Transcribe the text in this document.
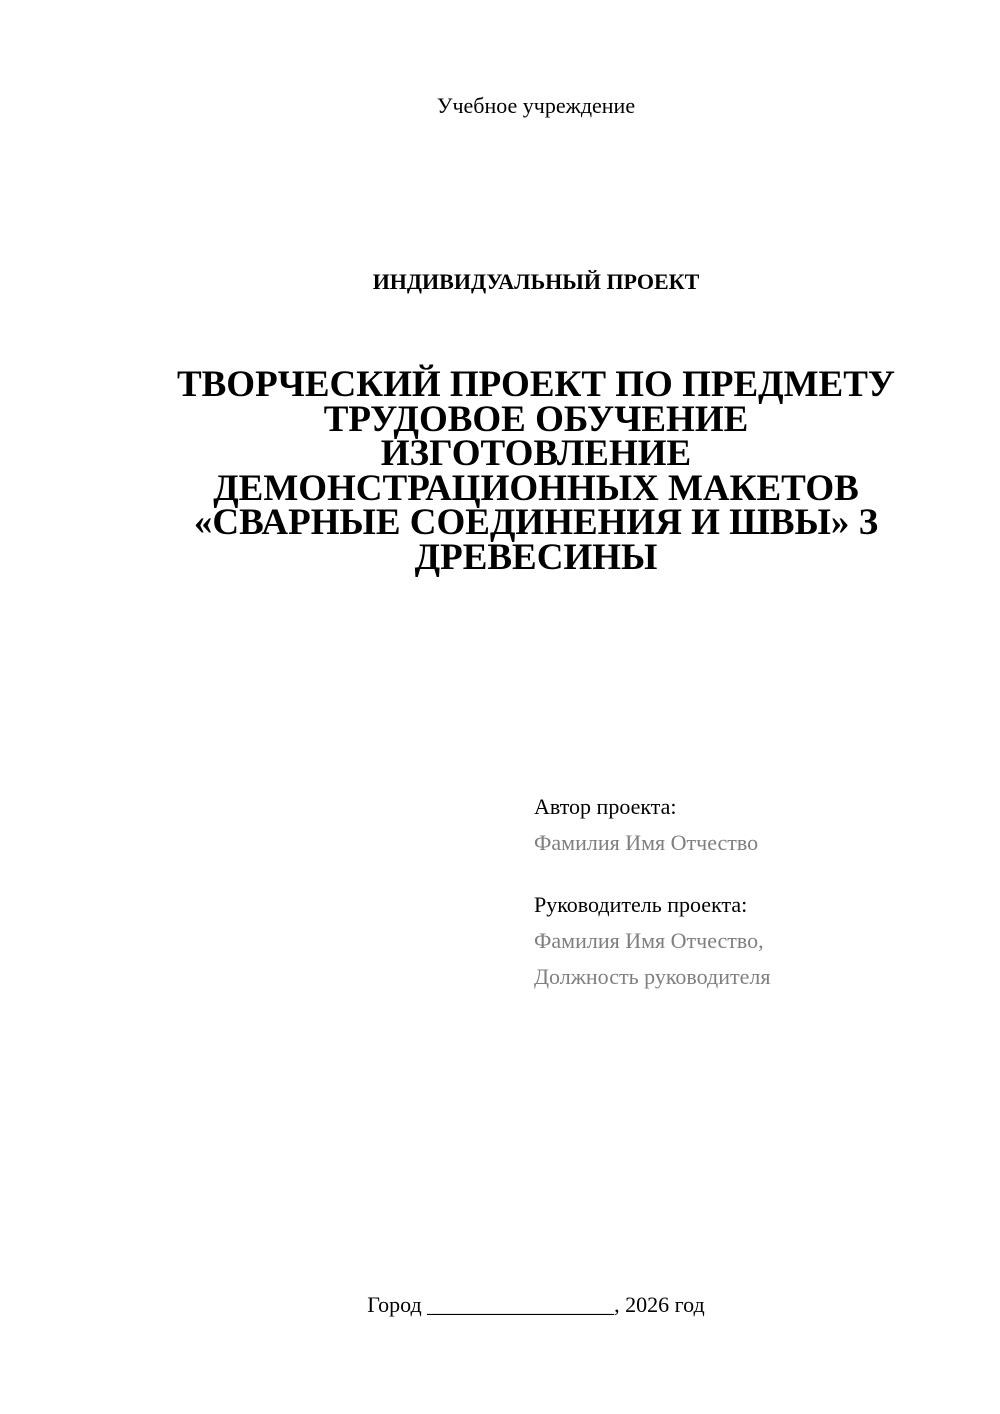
Учебное учреждение
ИНДИВИДУАЛЬНЫЙ ПРОЕКТ
ТВОРЧЕСКИЙ ПРОЕКТ ПО ПРЕДМЕТУ
ТРУДОВОЕ ОБУЧЕНИЕ
ИЗГОТОВЛЕНИЕ
ДЕМОНСТРАЦИОННЫХ МАКЕТОВ
«СВАРНЫЕ СОЕДИНЕНИЯ И ШВЫ» З
ДРЕВЕСИНЫ
Автор проекта:
Фамилия Имя Отчество
Руководитель проекта:
Фамилия Имя Отчество,
Должность руководителя
Город _________________, 2026 год
